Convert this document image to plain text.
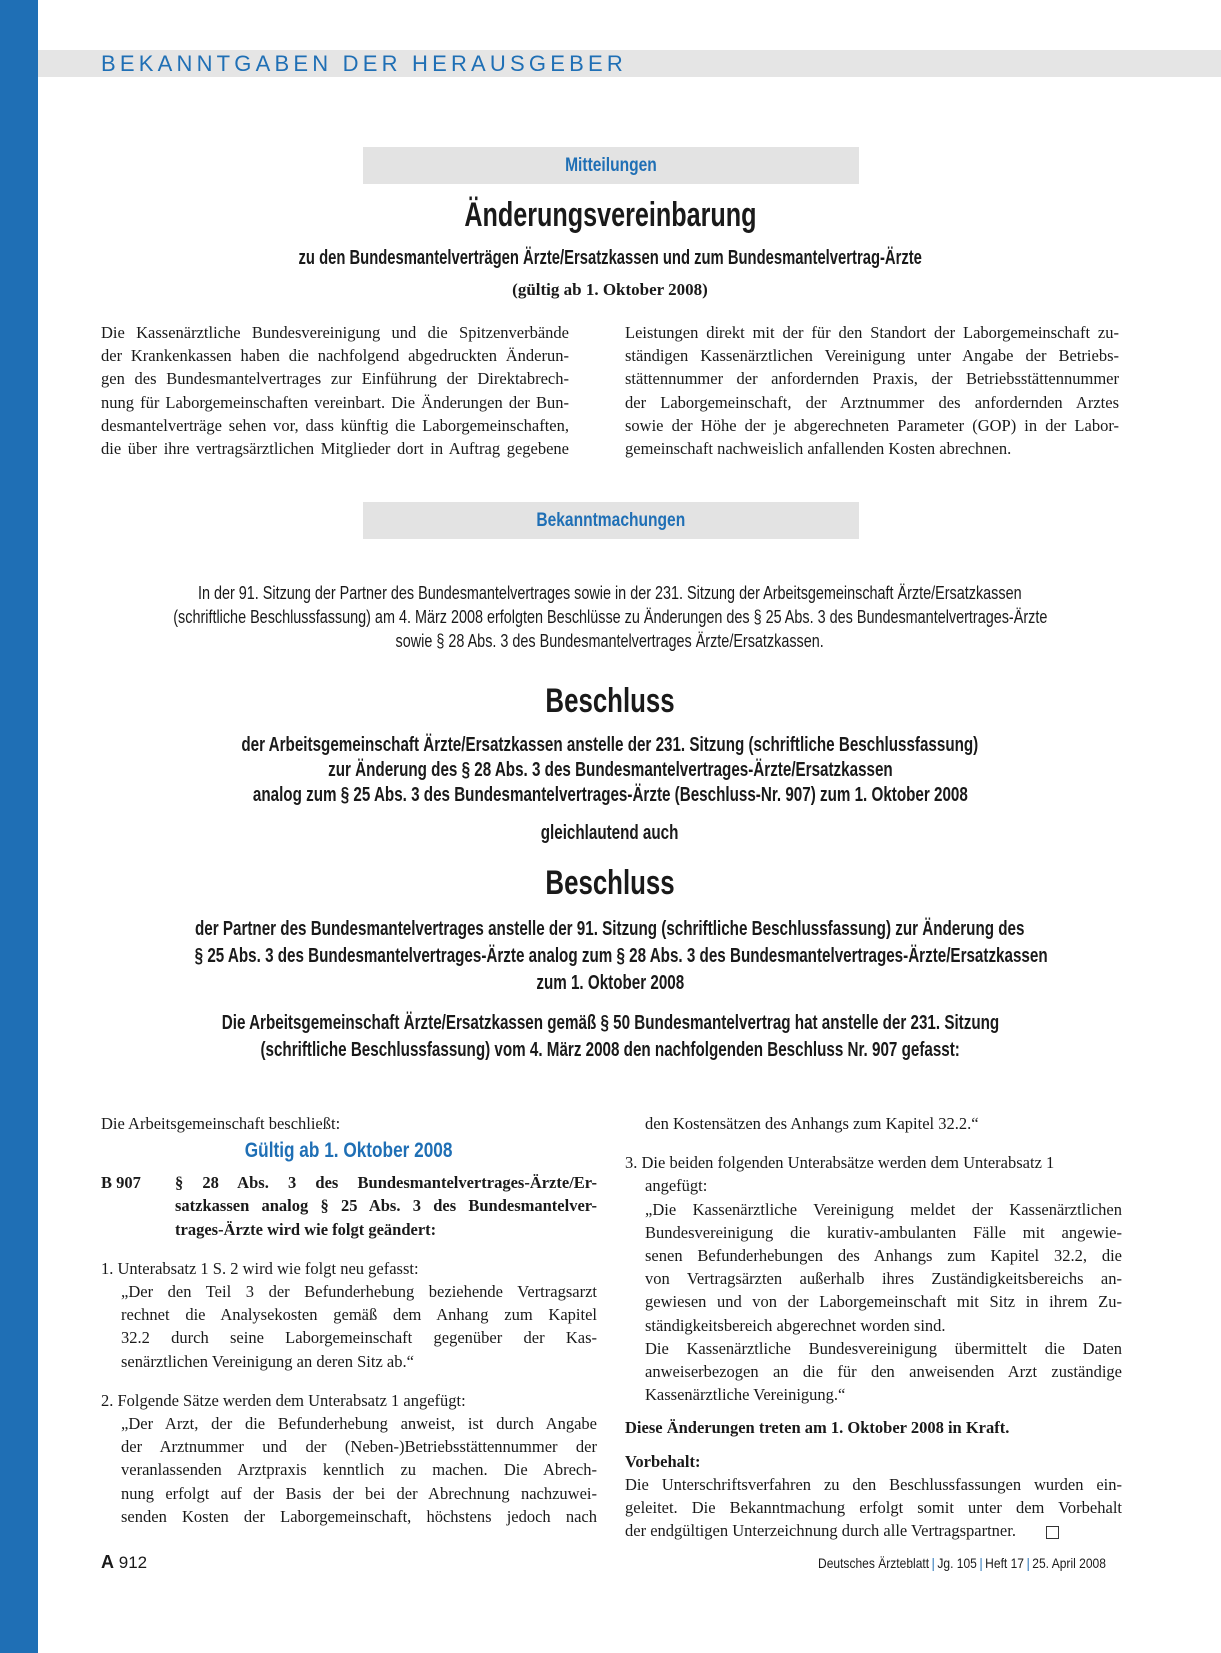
BEKANNTGABEN DER HERAUSGEBER
Mitteilungen
Änderungsvereinbarung
zu den Bundesmantelverträgen Ärzte/Ersatzkassen und zum Bundesmantelvertrag-Ärzte
(gültig ab 1. Oktober 2008)

Die Kassenärztliche Bundesvereinigung und die Spitzenverbände

der Krankenkassen haben die nachfolgend abgedruckten Änderun-

gen des Bundesmantelvertrages zur Einführung der Direktabrech-

nung für Laborgemeinschaften vereinbart. Die Änderungen der Bun-

desmantelverträge sehen vor, dass künftig die Laborgemeinschaften,

die über ihre vertragsärztlichen Mitglieder dort in Auftrag gegebene

Leistungen direkt mit der für den Standort der Laborgemeinschaft zu-

ständigen Kassenärztlichen Vereinigung unter Angabe der Betriebs-

stättennummer der anfordernden Praxis, der Betriebsstättennummer

der Laborgemeinschaft, der Arztnummer des anfordernden Arztes

sowie der Höhe der je abgerechneten Parameter (GOP) in der Labor-

gemeinschaft nachweislich anfallenden Kosten abrechnen.

Bekanntmachungen
In der 91. Sitzung der Partner des Bundesmantelvertrages sowie in der 231. Sitzung der Arbeitsgemeinschaft Ärzte/Ersatzkassen
(schriftliche Beschlussfassung) am 4. März 2008 erfolgten Beschlüsse zu Änderungen des § 25 Abs. 3 des Bundesmantelvertrages-Ärzte
sowie § 28 Abs. 3 des Bundesmantelvertrages Ärzte/Ersatzkassen.
Beschluss
der Arbeitsgemeinschaft Ärzte/Ersatzkassen anstelle der 231. Sitzung (schriftliche Beschlussfassung)
zur Änderung des § 28 Abs. 3 des Bundesmantelvertrages-Ärzte/Ersatzkassen
analog zum § 25 Abs. 3 des Bundesmantelvertrages-Ärzte (Beschluss-Nr. 907) zum 1. Oktober 2008
gleichlautend auch
Beschluss
der Partner des Bundesmantelvertrages anstelle der 91. Sitzung (schriftliche Beschlussfassung) zur Änderung des
§ 25 Abs. 3 des Bundesmantelvertrages-Ärzte analog zum § 28 Abs. 3 des Bundesmantelvertrages-Ärzte/Ersatzkassen
zum 1. Oktober 2008
Die Arbeitsgemeinschaft Ärzte/Ersatzkassen gemäß § 50 Bundesmantelvertrag hat anstelle der 231. Sitzung
(schriftliche Beschlussfassung) vom 4. März 2008 den nachfolgenden Beschluss Nr. 907 gefasst:

Die Arbeitsgemeinschaft beschließt:

Gültig ab 1. Oktober 2008
B 907	§ 28 Abs. 3 des Bundesmantelvertrages-Ärzte/Er-

satzkassen analog § 25 Abs. 3 des Bundesmantelver-

trages-Ärzte wird wie folgt geändert:

1. Unterabsatz 1 S. 2 wird wie folgt neu gefasst:

„Der den Teil 3 der Befunderhebung beziehende Vertragsarzt

rechnet die Analysekosten gemäß dem Anhang zum Kapitel

32.2 durch seine Laborgemeinschaft gegenüber der Kas-

senärztlichen Vereinigung an deren Sitz ab.“

2. Folgende Sätze werden dem Unterabsatz 1 angefügt:

„Der Arzt, der die Befunderhebung anweist, ist durch Angabe

der Arztnummer und der (Neben-)Betriebsstättennummer der

veranlassenden Arztpraxis kenntlich zu machen. Die Abrech-

nung erfolgt auf der Basis der bei der Abrechnung nachzuwei-

senden Kosten der Laborgemeinschaft, höchstens jedoch nach

den Kostensätzen des Anhangs zum Kapitel 32.2.“

3. Die beiden folgenden Unterabsätze werden dem Unterabsatz 1

angefügt:

„Die Kassenärztliche Vereinigung meldet der Kassenärztlichen

Bundesvereinigung die kurativ-ambulanten Fälle mit angewie-

senen Befunderhebungen des Anhangs zum Kapitel 32.2, die

von Vertragsärzten außerhalb ihres Zuständigkeitsbereichs an-

gewiesen und von der Laborgemeinschaft mit Sitz in ihrem Zu-

ständigkeitsbereich abgerechnet worden sind.

Die Kassenärztliche Bundesvereinigung übermittelt die Daten

anweiserbezogen an die für den anweisenden Arzt zuständige

Kassenärztliche Vereinigung.“

Diese Änderungen treten am 1. Oktober 2008 in Kraft.

Vorbehalt:

Die Unterschriftsverfahren zu den Beschlussfassungen wurden ein-

geleitet. Die Bekanntmachung erfolgt somit unter dem Vorbehalt

der endgültigen Unterzeichnung durch alle Vertragspartner.

A 912	Deutsches Ärzteblatt | Jg. 105 | Heft 17 | 25. April 2008
